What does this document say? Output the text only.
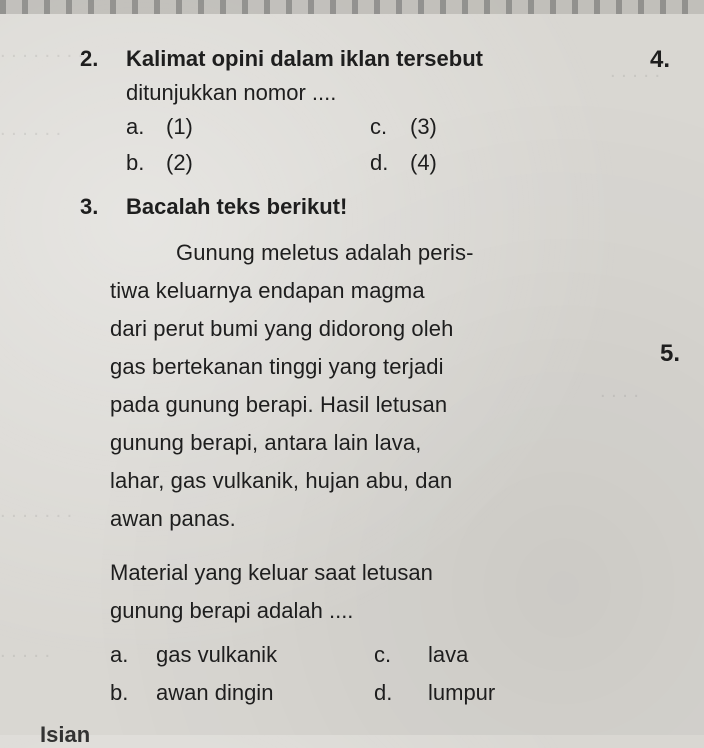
. . . . . . . .
. . . . . .
. . . . .
. . . .
. . . . . . .
. . . . .
2. Kalimat opini dalam iklan tersebut
ditunjukkan nomor ....
a. (1)	c. (3)
b. (2)	d. (4)
3. Bacalah teks berikut!
Gunung meletus adalah peris-
tiwa keluarnya endapan magma
dari perut bumi yang didorong oleh
gas bertekanan tinggi yang terjadi
pada gunung berapi. Hasil letusan
gunung berapi, antara lain lava,
lahar, gas vulkanik, hujan abu, dan
awan panas.
Material yang keluar saat letusan
gunung berapi adalah ....
a. gas vulkanik	c. lava
b. awan dingin	d. lumpur
4.
5.
Isian
